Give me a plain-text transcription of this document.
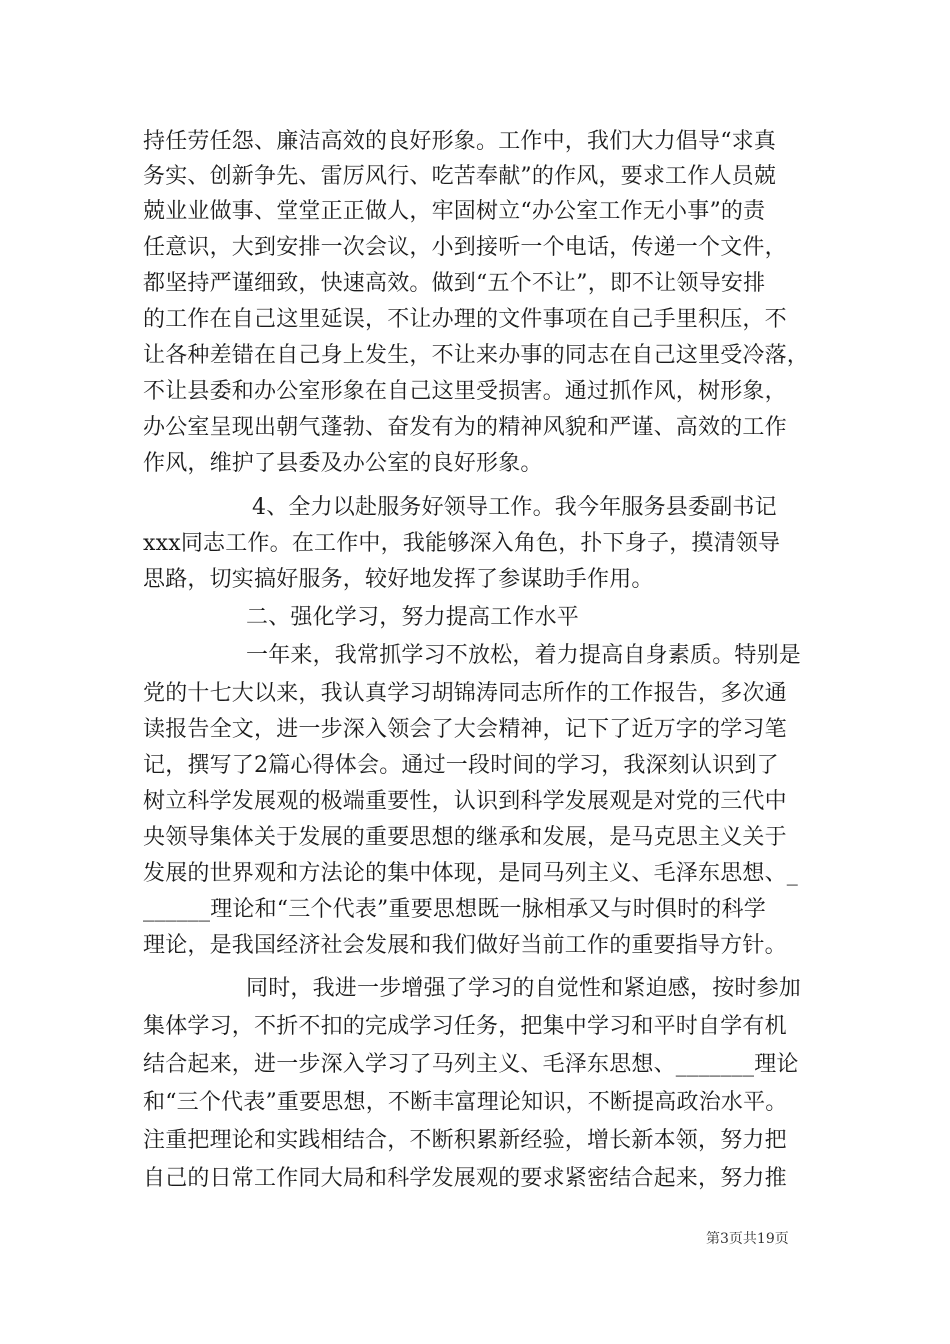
持任劳任怨、廉洁高效的良好形象。工作中，我们大力倡导“求真
务实、创新争先、雷厉风行、吃苦奉献”的作风，要求工作人员兢
兢业业做事、堂堂正正做人，牢固树立“办公室工作无小事”的责
任意识，大到安排一次会议，小到接听一个电话，传递一个文件，
都坚持严谨细致，快速高效。做到“五个不让”，即不让领导安排
的工作在自己这里延误，不让办理的文件事项在自己手里积压，不
让各种差错在自己身上发生，不让来办事的同志在自己这里受冷落，
不让县委和办公室形象在自己这里受损害。通过抓作风，树形象，
办公室呈现出朝气蓬勃、奋发有为的精神风貌和严谨、高效的工作
作风，维护了县委及办公室的良好形象。
4、全力以赴服务好领导工作。我今年服务县委副书记
xxx同志工作。在工作中，我能够深入角色，扑下身子，摸清领导
思路，切实搞好服务，较好地发挥了参谋助手作用。
二、强化学习，努力提高工作水平
一年来，我常抓学习不放松，着力提高自身素质。特别是
党的十七大以来，我认真学习胡锦涛同志所作的工作报告，多次通
读报告全文，进一步深入领会了大会精神，记下了近万字的学习笔
记，撰写了2篇心得体会。通过一段时间的学习，我深刻认识到了
树立科学发展观的极端重要性，认识到科学发展观是对党的三代中
央领导集体关于发展的重要思想的继承和发展，是马克思主义关于
发展的世界观和方法论的集中体现，是同马列主义、毛泽东思想、_
______理论和“三个代表”重要思想既一脉相承又与时俱时的科学
理论，是我国经济社会发展和我们做好当前工作的重要指导方针。
同时，我进一步增强了学习的自觉性和紧迫感，按时参加
集体学习，不折不扣的完成学习任务，把集中学习和平时自学有机
结合起来，进一步深入学习了马列主义、毛泽东思想、_______理论
和“三个代表”重要思想，不断丰富理论知识，不断提高政治水平。
注重把理论和实践相结合，不断积累新经验，增长新本领，努力把
自己的日常工作同大局和科学发展观的要求紧密结合起来，努力推
第3页共19页
